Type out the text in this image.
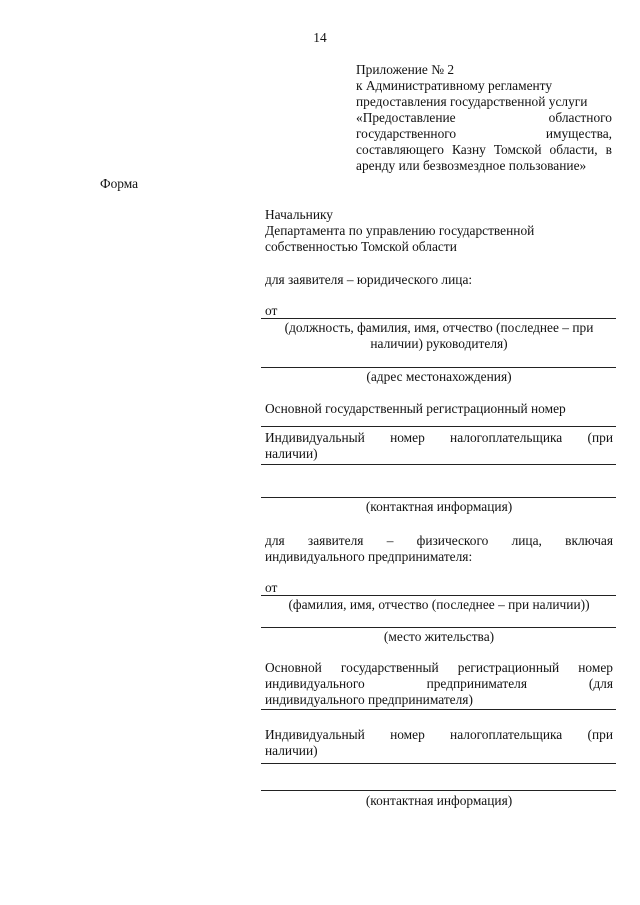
14
Приложение № 2
к Административному регламенту
предоставления государственной услуги
«Предоставление областного
государственного имущества,
составляющего Казну Томской области, в
аренду или безвозмездное пользование»
Форма
Начальнику
Департамента по управлению государственной
собственностью Томской области
для заявителя – юридического лица:
от
(должность, фамилия, имя, отчество (последнее – при
наличии) руководителя)
(адрес местонахождения)
Основной государственный регистрационный номер
Индивидуальный номер налогоплательщика (при
наличии)
(контактная информация)
для заявителя – физического лица, включая
индивидуального предпринимателя:
от
(фамилия, имя, отчество (последнее – при наличии))
(место жительства)
Основной государственный регистрационный номер
индивидуального предпринимателя (для
индивидуального предпринимателя)
Индивидуальный номер налогоплательщика (при
наличии)
(контактная информация)
